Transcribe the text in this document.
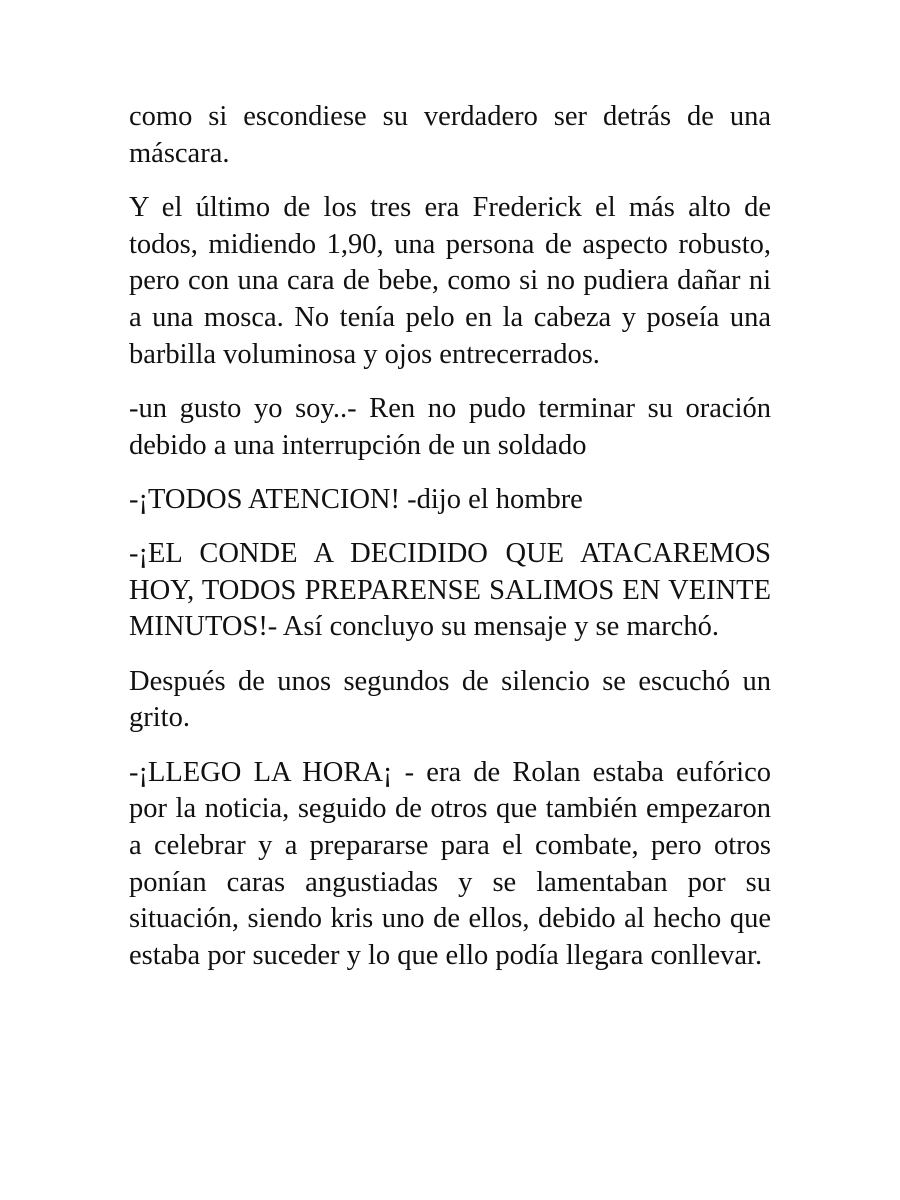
como si escondiese su verdadero ser detrás de una máscara.

Y el último de los tres era Frederick el más alto de todos, midiendo 1,90, una persona de aspecto robusto, pero con una cara de bebe, como si no pudiera dañar ni a una mosca. No tenía pelo en la cabeza y poseía una barbilla voluminosa y ojos entrecerrados.

-un gusto yo soy..- Ren no pudo terminar su oración debido a una interrupción de un soldado

-¡TODOS ATENCION! -dijo el hombre

-¡EL CONDE A DECIDIDO QUE ATACAREMOS HOY, TODOS PREPARENSE SALIMOS EN VEINTE MINUTOS!- Así concluyo su mensaje y se marchó.

Después de unos segundos de silencio se escuchó un grito.

-¡LLEGO LA HORA¡ - era de Rolan estaba eufórico por la noticia, seguido de otros que también empezaron a celebrar y a prepararse para el combate, pero otros ponían caras angustiadas y se lamentaban por su situación, siendo kris uno de ellos, debido al hecho que estaba por suceder y lo que ello podía llegara conllevar.
